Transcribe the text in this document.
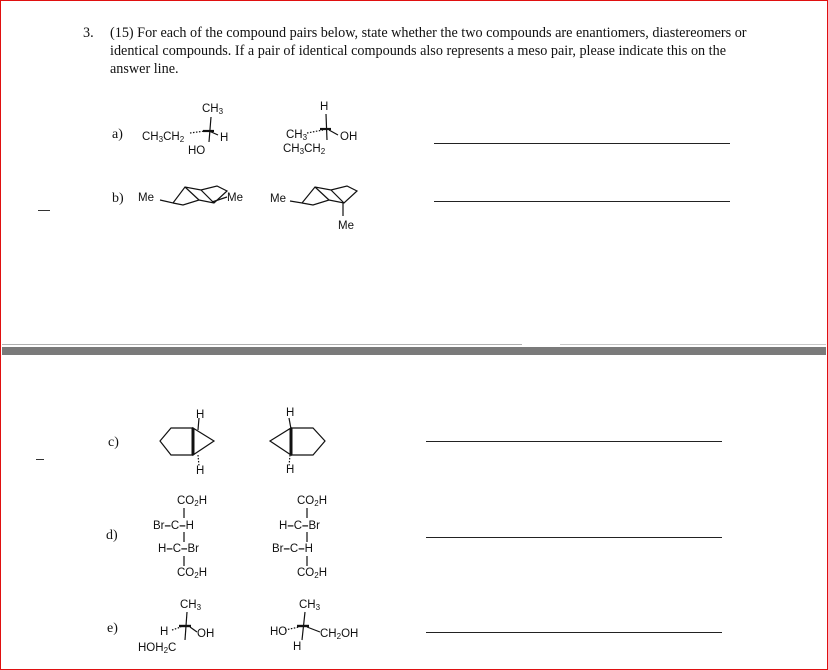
3. (15) For each of the compound pairs below, state whether the two compounds are enantiomers, diastereomers or identical compounds. If a pair of identical compounds also represents a meso pair, please indicate this on the answer line.
a)
$CH_3$
$CH_3CH_2$	H
HO
H
$CH_3$	OH
$CH_3CH_2$
b) Me	Me Me
Me
c)
H
H
H
H
d)
$CO_2H$
Br–C–H
H–C–Br
$CO_2H$
$CO_2H$
H–C–Br
Br–C–H
$CO_2H$
e)
$CH_3$
H OH
$HOH_2C$
$CH_3$
HO	$CH_2OH$
H
